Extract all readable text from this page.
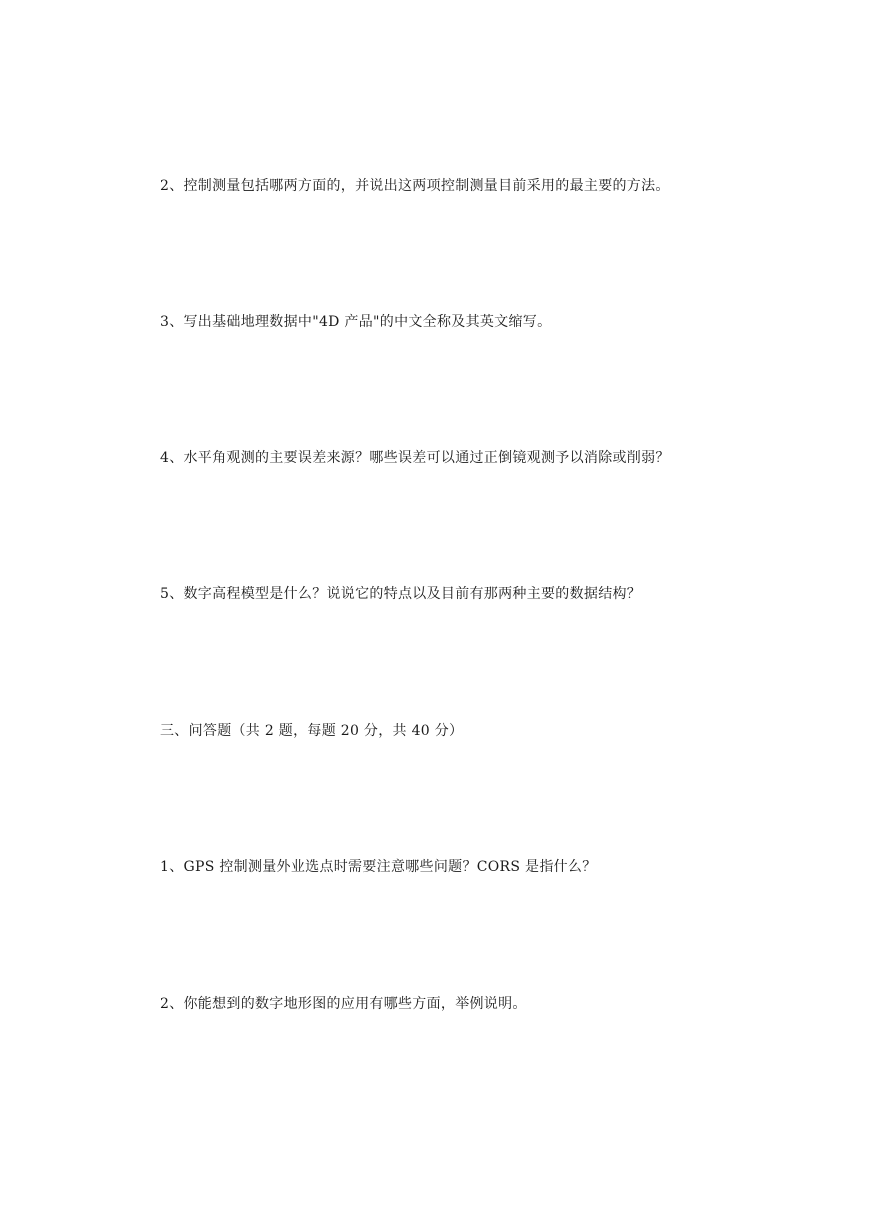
2、控制测量包括哪两方面的，并说出这两项控制测量目前采用的最主要的方法。
3、写出基础地理数据中"4D 产品"的中文全称及其英文缩写。
4、水平角观测的主要误差来源？哪些误差可以通过正倒镜观测予以消除或削弱？
5、数字高程模型是什么？说说它的特点以及目前有那两种主要的数据结构？
三、问答题（共 2 题，每题 20 分，共 40 分）
1、GPS 控制测量外业选点时需要注意哪些问题？CORS 是指什么？
2、你能想到的数字地形图的应用有哪些方面，举例说明。
